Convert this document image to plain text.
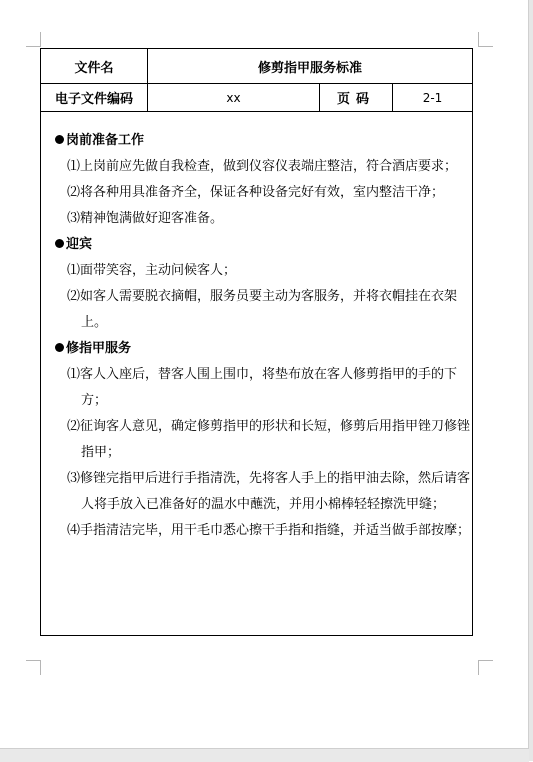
文件名	修剪指甲服务标准
电子文件编码	xx	页码	2-1
岗前准备工作
⑴上岗前应先做自我检查，做到仪容仪表端庄整洁，符合酒店要求；
⑵将各种用具准备齐全，保证各种设备完好有效，室内整洁干净；
⑶精神饱满做好迎客准备。
迎宾
⑴面带笑容，主动问候客人；
⑵如客人需要脱衣摘帽，服务员要主动为客服务，并将衣帽挂在衣架上。
修指甲服务
⑴客人入座后，替客人围上围巾，将垫布放在客人修剪指甲的手的下方；
⑵征询客人意见，确定修剪指甲的形状和长短，修剪后用指甲锉刀修锉指甲；
⑶修锉完指甲后进行手指清洗，先将客人手上的指甲油去除，然后请客人将手放入已准备好的温水中蘸洗，并用小棉棒轻轻擦洗甲缝；
⑷手指清洁完毕，用干毛巾悉心擦干手指和指缝，并适当做手部按摩；
